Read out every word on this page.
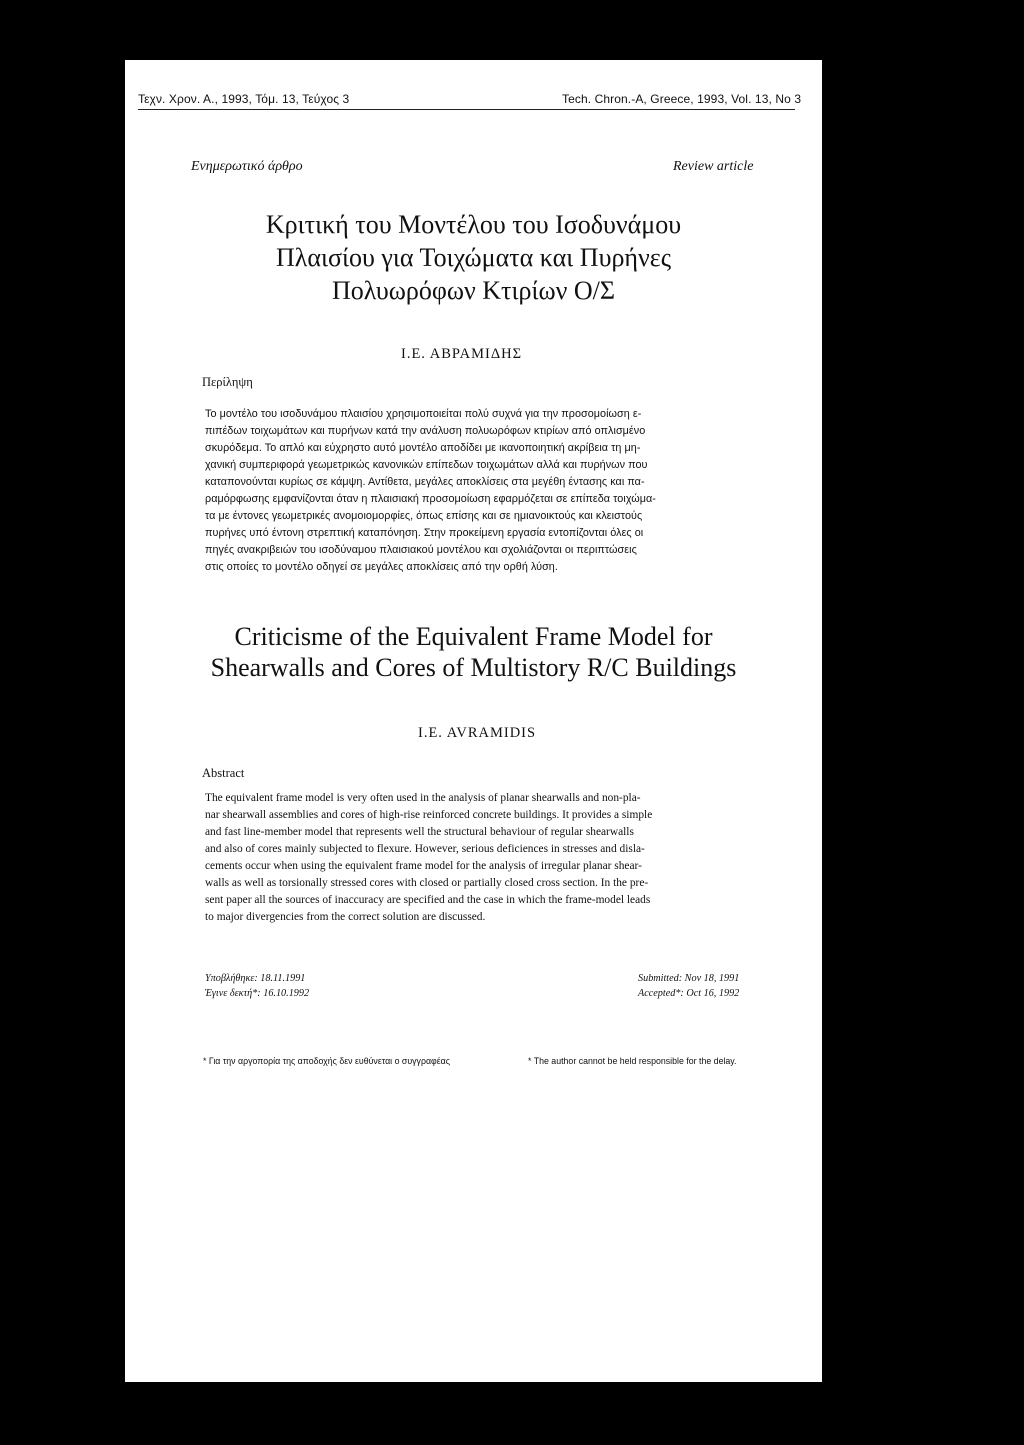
Τεχν. Χρον. Α., 1993, Τόμ. 13, Τεύχος 3	Tech. Chron.-A, Greece, 1993, Vol. 13, No 3
Ενημερωτικό άρθρο	Review article
Κριτική του Μοντέλου του Ισοδυνάμου
Πλαισίου για Τοιχώματα και Πυρήνες
Πολυωρόφων Κτιρίων Ο/Σ
Ι.Ε. ΑΒΡΑΜΙΔΗΣ
Περίληψη
Το μοντέλο του ισοδυνάμου πλαισίου χρησιμοποιείται πολύ συχνά για την προσομοίωση ε-
πιπέδων τοιχωμάτων και πυρήνων κατά την ανάλυση πολυωρόφων κτιρίων από οπλισμένο
σκυρόδεμα. Το απλό και εύχρηστο αυτό μοντέλο αποδίδει με ικανοποιητική ακρίβεια τη μη-
χανική συμπεριφορά γεωμετρικώς κανονικών επίπεδων τοιχωμάτων αλλά και πυρήνων που
καταπονούνται κυρίως σε κάμψη. Αντίθετα, μεγάλες αποκλίσεις στα μεγέθη έντασης και πα-
ραμόρφωσης εμφανίζονται όταν η πλαισιακή προσομοίωση εφαρμόζεται σε επίπεδα τοιχώμα-
τα με έντονες γεωμετρικές ανομοιομορφίες, όπως επίσης και σε ημιανοικτούς και κλειστούς
πυρήνες υπό έντονη στρεπτική καταπόνηση. Στην προκείμενη εργασία εντοπίζονται όλες οι
πηγές ανακριβειών του ισοδύναμου πλαισιακού μοντέλου και σχολιάζονται οι περιπτώσεις
στις οποίες το μοντέλο οδηγεί σε μεγάλες αποκλίσεις από την ορθή λύση.
Criticisme of the Equivalent Frame Model for
Shearwalls and Cores of Multistory R/C Buildings
I.E. AVRAMIDIS
Abstract
The equivalent frame model is very often used in the analysis of planar shearwalls and non-pla-
nar shearwall assemblies and cores of high-rise reinforced concrete buildings. It provides a simple
and fast line-member model that represents well the structural behaviour of regular shearwalls
and also of cores mainly subjected to flexure. However, serious deficiences in stresses and disla-
cements occur when using the equivalent frame model for the analysis of irregular planar shear-
walls as well as torsionally stressed cores with closed or partially closed cross section. In the pre-
sent paper all the sources of inaccuracy are specified and the case in which the frame-model leads
to major divergencies from the correct solution are discussed.
Υποβλήθηκε: 18.11.1991
Έγινε δεκτή*: 16.10.1992
Submitted: Nov 18, 1991
Accepted*: Oct 16, 1992
* Για την αργοπορία της αποδοχής δεν ευθύνεται ο συγγραφέας	* The author cannot be held responsible for the delay.
